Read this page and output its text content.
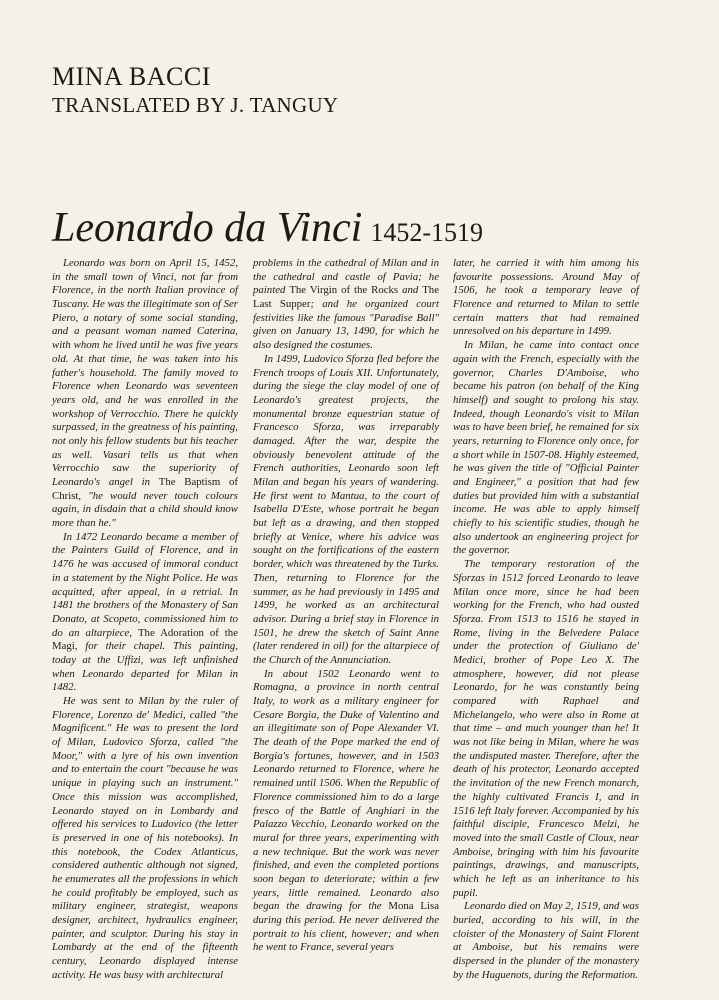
MINA BACCI
TRANSLATED BY J. TANGUY
Leonardo da Vinci 1452-1519

Leonardo was born on April 15, 1452, in the small town of Vinci, not far from Florence, in the north Italian province of Tuscany. He was the illegitimate son of Ser Piero, a notary of some social standing, and a peasant woman named Caterina, with whom he lived until he was five years old. At that time, he was taken into his father's household. The family moved to Florence when Leonardo was seventeen years old, and he was enrolled in the workshop of Verrocchio. There he quickly surpassed, in the greatness of his painting, not only his fellow students but his teacher as well. Vasari tells us that when Verrocchio saw the superiority of Leonardo's angel in The Baptism of Christ, "he would never touch colours again, in disdain that a child should know more than he."

In 1472 Leonardo became a member of the Painters Guild of Florence, and in 1476 he was accused of immoral conduct in a statement by the Night Police. He was acquitted, after appeal, in a retrial. In 1481 the brothers of the Monastery of San Donato, at Scopeto, commissioned him to do an altarpiece, The Adoration of the Magi, for their chapel. This painting, today at the Uffizi, was left unfinished when Leonardo departed for Milan in 1482.

He was sent to Milan by the ruler of Florence, Lorenzo de' Medici, called "the Magnificent." He was to present the lord of Milan, Ludovico Sforza, called "the Moor," with a lyre of his own invention and to entertain the court "because he was unique in playing such an instrument." Once this mission was accomplished, Leonardo stayed on in Lombardy and offered his services to Ludovico (the letter is preserved in one of his notebooks). In this notebook, the Codex Atlanticus, considered authentic although not signed, he enumerates all the professions in which he could profitably be employed, such as military engineer, strategist, weapons designer, architect, hydraulics engineer, painter, and sculptor. During his stay in Lombardy at the end of the fifteenth century, Leonardo displayed intense activity. He was busy with architectural

problems in the cathedral of Milan and in the cathedral and castle of Pavia; he painted The Virgin of the Rocks and The Last Supper; and he organized court festivities like the famous "Paradise Ball" given on January 13, 1490, for which he also designed the costumes.

In 1499, Ludovico Sforza fled before the French troops of Louis XII. Unfortunately, during the siege the clay model of one of Leonardo's greatest projects, the monumental bronze equestrian statue of Francesco Sforza, was irreparably damaged. After the war, despite the obviously benevolent attitude of the French authorities, Leonardo soon left Milan and began his years of wandering. He first went to Mantua, to the court of Isabella D'Este, whose portrait he began but left as a drawing, and then stopped briefly at Venice, where his advice was sought on the fortifications of the eastern border, which was threatened by the Turks. Then, returning to Florence for the summer, as he had previously in 1495 and 1499, he worked as an architectural advisor. During a brief stay in Florence in 1501, he drew the sketch of Saint Anne (later rendered in oil) for the altarpiece of the Church of the Annunciation.

In about 1502 Leonardo went to Romagna, a province in north central Italy, to work as a military engineer for Cesare Borgia, the Duke of Valentino and an illegitimate son of Pope Alexander VI. The death of the Pope marked the end of Borgia's fortunes, however, and in 1503 Leonardo returned to Florence, where he remained until 1506. When the Republic of Florence commissioned him to do a large fresco of the Battle of Anghiari in the Palazzo Vecchio, Leonardo worked on the mural for three years, experimenting with a new technique. But the work was never finished, and even the completed portions soon began to deteriorate; within a few years, little remained. Leonardo also began the drawing for the Mona Lisa during this period. He never delivered the portrait to his client, however; and when he went to France, several years

later, he carried it with him among his favourite possessions. Around May of 1506, he took a temporary leave of Florence and returned to Milan to settle certain matters that had remained unresolved on his departure in 1499.

In Milan, he came into contact once again with the French, especially with the governor, Charles D'Amboise, who became his patron (on behalf of the King himself) and sought to prolong his stay. Indeed, though Leonardo's visit to Milan was to have been brief, he remained for six years, returning to Florence only once, for a short while in 1507-08. Highly esteemed, he was given the title of "Official Painter and Engineer," a position that had few duties but provided him with a substantial income. He was able to apply himself chiefly to his scientific studies, though he also undertook an engineering project for the governor.

The temporary restoration of the Sforzas in 1512 forced Leonardo to leave Milan once more, since he had been working for the French, who had ousted Sforza. From 1513 to 1516 he stayed in Rome, living in the Belvedere Palace under the protection of Giuliano de' Medici, brother of Pope Leo X. The atmosphere, however, did not please Leonardo, for he was constantly being compared with Raphael and Michelangelo, who were also in Rome at that time – and much younger than he! It was not like being in Milan, where he was the undisputed master. Therefore, after the death of his protector, Leonardo accepted the invitation of the new French monarch, the highly cultivated Francis I, and in 1516 left Italy forever. Accompanied by his faithful disciple, Francesco Melzi, he moved into the small Castle of Cloux, near Amboise, bringing with him his favourite paintings, drawings, and manuscripts, which he left as an inheritance to his pupil.

Leonardo died on May 2, 1519, and was buried, according to his will, in the cloister of the Monastery of Saint Florent at Amboise, but his remains were dispersed in the plunder of the monastery by the Huguenots, during the Reformation.
